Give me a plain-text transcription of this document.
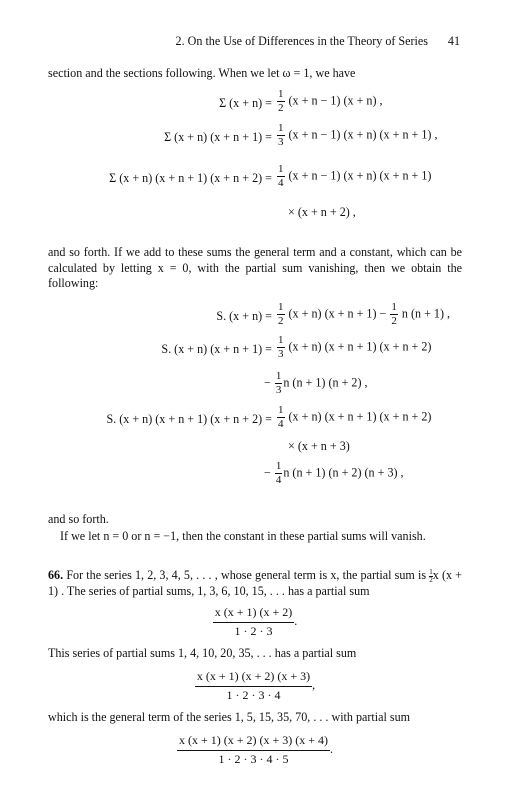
2. On the Use of Differences in the Theory of Series 41
section and the sections following. When we let ω = 1, we have
Σ $(x + n) = \frac{1}{2} (x + n - 1) (x + n)$ ,
Σ (x + n) $(x + n + 1) = \frac{1}{3} (x + n - 1) (x + n) (x + n + 1)$ ,
Σ (x + n) (x + n + 1) $(x + n + 2) = \frac{1}{4} (x + n - 1) (x + n) (x + n + 1)$
× (x + n + 2) ,
and so forth. If we add to these sums the general term and a constant, which can be calculated by letting x = 0, with the partial sum vanishing, then we obtain the following:
S. $(x + n) = \frac{1}{2} (x + n) (x + n + 1) - \frac{1}{2}$ n (n + 1) ,
S. (x + n) $(x + n + 1) = \frac{1}{3} (x + n) (x + n + 1) (x + n + 2)$
− $\frac{1}{3}$ n (n + 1) (n + 2) ,
S. (x + n) (x + n + 1) $(x + n + 2) = \frac{1}{4} (x + n) (x + n + 1) (x + n + 2)$
× (x + n + 3)
− $\frac{1}{4}$ n (n + 1) (n + 2) (n + 3) ,
and so forth.
If we let n = 0 or n = −1, then the constant in these partial sums will vanish.
66. For the series 1, 2, 3, 4, 5, . . . , whose general term is x, the partial sum is $\frac{1}{2}$ x (x + 1) . The series of partial sums, 1, 3, 6, 10, 15, . . . has a partial sum
$\frac{x (x + 1) (x + 2)}{1 \cdot 2 \cdot 3}$ .
This series of partial sums 1, 4, 10, 20, 35, . . . has a partial sum
$\frac{x (x + 1) (x + 2) (x + 3)}{1 \cdot 2 \cdot 3 \cdot 4}$ ,
which is the general term of the series 1, 5, 15, 35, 70, . . . with partial sum
$\frac{x (x + 1) (x + 2) (x + 3) (x + 4)}{1 \cdot 2 \cdot 3 \cdot 4 \cdot 5}$ .
